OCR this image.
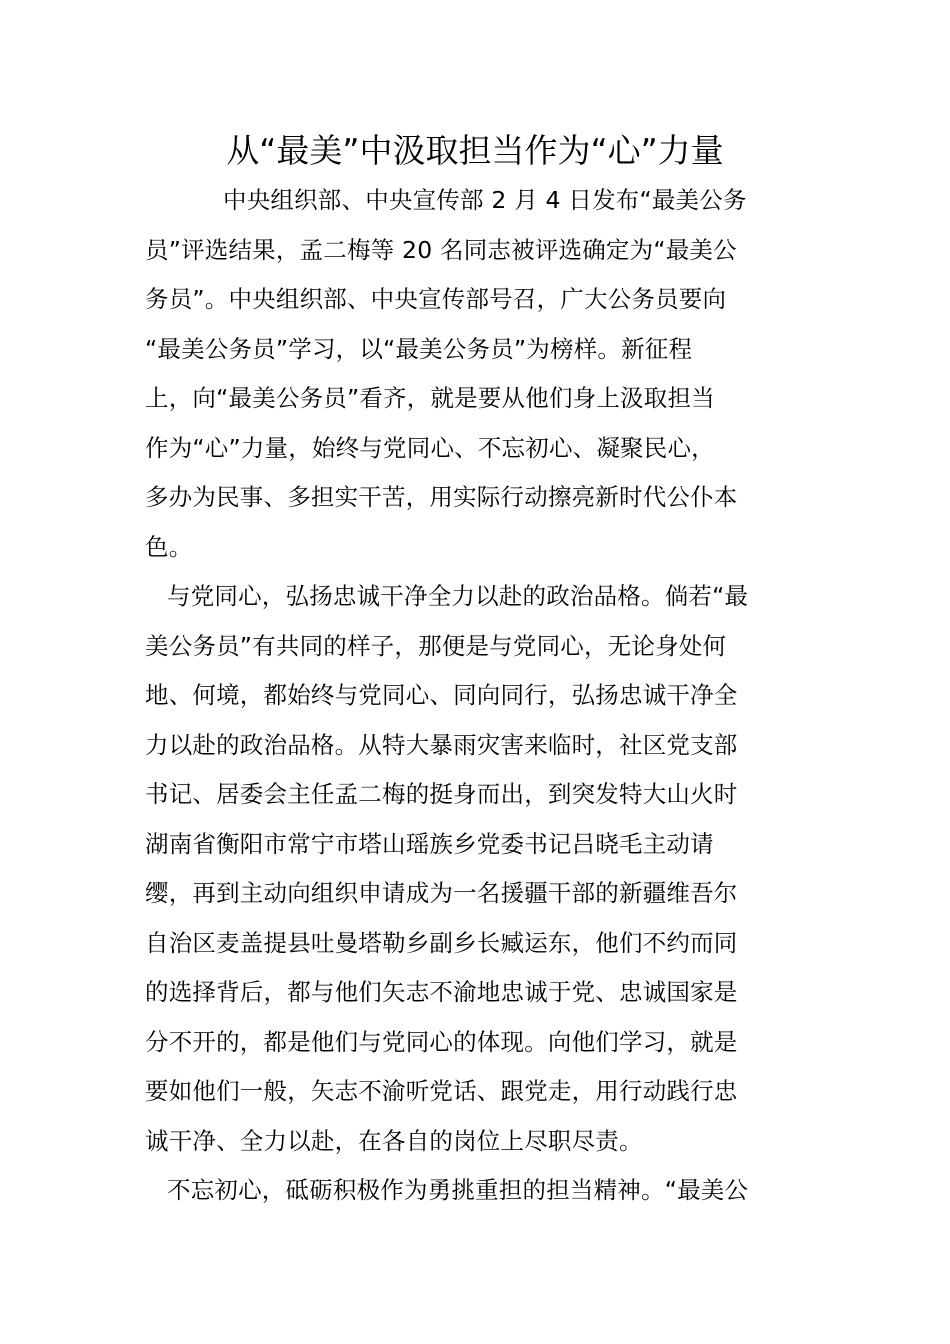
从“最美”中汲取担当作为“心”力量
中央组织部、中央宣传部 2 月 4 日发布“最美公务
员”评选结果，孟二梅等 20 名同志被评选确定为“最美公
务员”。中央组织部、中央宣传部号召，广大公务员要向
“最美公务员”学习，以“最美公务员”为榜样。新征程
上，向“最美公务员”看齐，就是要从他们身上汲取担当
作为“心”力量，始终与党同心、不忘初心、凝聚民心，
多办为民事、多担实干苦，用实际行动擦亮新时代公仆本
色。
与党同心，弘扬忠诚干净全力以赴的政治品格。倘若“最
美公务员”有共同的样子，那便是与党同心，无论身处何
地、何境，都始终与党同心、同向同行，弘扬忠诚干净全
力以赴的政治品格。从特大暴雨灾害来临时，社区党支部
书记、居委会主任孟二梅的挺身而出，到突发特大山火时
湖南省衡阳市常宁市塔山瑶族乡党委书记吕晓毛主动请
缨，再到主动向组织申请成为一名援疆干部的新疆维吾尔
自治区麦盖提县吐曼塔勒乡副乡长臧运东，他们不约而同
的选择背后，都与他们矢志不渝地忠诚于党、忠诚国家是
分不开的，都是他们与党同心的体现。向他们学习，就是
要如他们一般，矢志不渝听党话、跟党走，用行动践行忠
诚干净、全力以赴，在各自的岗位上尽职尽责。
不忘初心，砥砺积极作为勇挑重担的担当精神。“最美公
